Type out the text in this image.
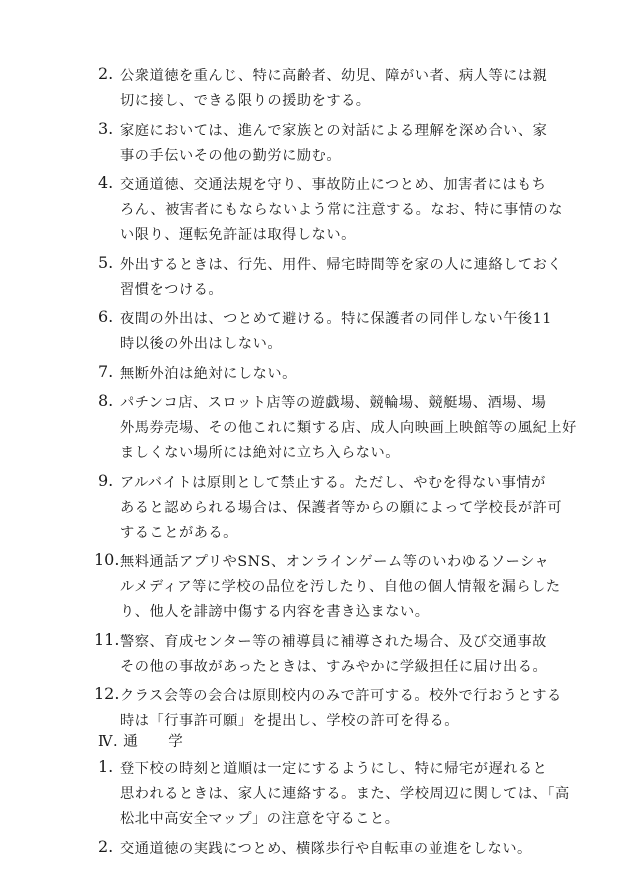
2. 公衆道徳を重んじ、特に高齢者、幼児、障がい者、病人等には親
切に接し、できる限りの援助をする。
3. 家庭においては、進んで家族との対話による理解を深め合い、家
事の手伝いその他の勤労に励む。
4. 交通道徳、交通法規を守り、事故防止につとめ、加害者にはもち
ろん、被害者にもならないよう常に注意する。なお、特に事情のな
い限り、運転免許証は取得しない。
5. 外出するときは、行先、用件、帰宅時間等を家の人に連絡しておく
習慣をつける。
6. 夜間の外出は、つとめて避ける。特に保護者の同伴しない午後11
時以後の外出はしない。
7. 無断外泊は絶対にしない。
8. パチンコ店、スロット店等の遊戯場、競輪場、競艇場、酒場、場
外馬券売場、その他これに類する店、成人向映画上映館等の風紀上好
ましくない場所には絶対に立ち入らない。
9. アルバイトは原則として禁止する。ただし、やむを得ない事情が
あると認められる場合は、保護者等からの願によって学校長が許可
することがある。
10. 無料通話アプリやSNS、オンラインゲーム等のいわゆるソーシャ
ルメディア等に学校の品位を汚したり、自他の個人情報を漏らした
り、他人を誹謗中傷する内容を書き込まない。
11. 警察、育成センター等の補導員に補導された場合、及び交通事故
その他の事故があったときは、すみやかに学級担任に届け出る。
12. クラス会等の会合は原則校内のみで許可する。校外で行おうとする
時は「行事許可願」を提出し、学校の許可を得る。
Ⅳ. 通 学
1. 登下校の時刻と道順は一定にするようにし、特に帰宅が遅れると
思われるときは、家人に連絡する。また、学校周辺に関しては、「高
松北中高安全マップ」の注意を守ること。
2. 交通道徳の実践につとめ、横隊歩行や自転車の並進をしない。
